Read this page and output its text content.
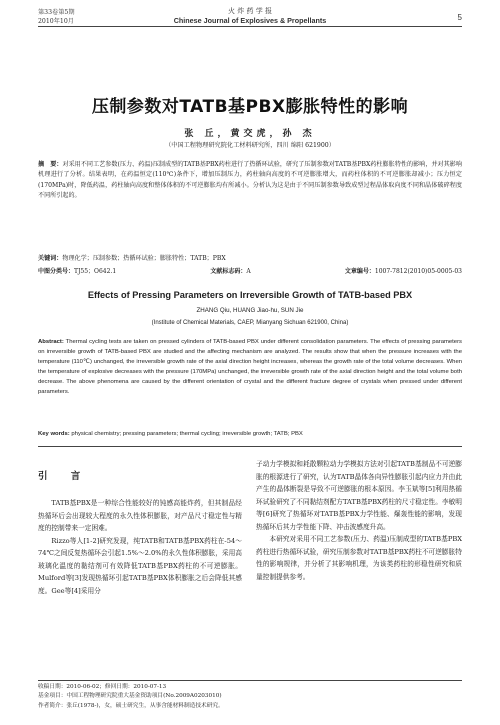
第33卷第5期
2010年10月
火 炸 药 学 报
Chinese Journal of Explosives & Propellants	5
压制参数对TATB基PBX膨胀特性的影响
张 丘，黄交虎，孙 杰
（中国工程物理研究院化工材料研究所，四川 绵阳 621900）
摘　要：对采用不同工艺参数(压力、药温)压制成型的TATB基PBX药柱进行了热循环试验，研究了压制参数对TATB基PBX药柱膨胀特性的影响，并对其影响机理进行了分析。结果表明，在药温恒定(110℃)条件下，增加压制压力，药柱轴向高度的不可逆膨胀增大，而药柱体积的不可逆膨胀却减小；压力恒定(170MPa)时，降低药温，药柱轴向高度和整体体积的不可逆膨胀均有所减小。分析认为这是由于不同压制参数导致成型过程晶体取向度不同和晶体破碎程度不同所引起的。
关键词：物理化学；压制参数；热循环试验；膨胀特性；TATB；PBX
中图分类号：TJ55；O642.1	文献标志码：A	文章编号：1007-7812(2010)05-0005-03
Effects of Pressing Parameters on Irreversible Growth of TATB-based PBX
ZHANG Qiu, HUANG Jiao-hu, SUN Jie
(Institute of Chemical Materials, CAEP, Mianyang Sichuan 621900, China)
Abstract: Thermal cycling tests are taken on pressed cylinders of TATB-based PBX under different consolidation parameters. The effects of pressing parameters on irreversible growth of TATB-based PBX are studied and the affecting mechanism are analyzed. The results show that when the pressure increases with the temperature (110℃) unchanged, the irreversible growth rate of the axial direction height increases, whereas the growth rate of the total volume decreases. When the temperature of explosive decreases with the pressure (170MPa) unchanged, the irreversible growth rate of the axial direction height and the total volume both decrease. The above phenomena are caused by the different orientation of crystal and the different fracture degree of crystals when pressed under different parameters.
Key words: physical chemistry; pressing parameters; thermal cycling; irreversible growth; TATB; PBX
引 言

TATB基PBX是一种综合性能较好的钝感高能炸药，但其制品经热循环后会出现较大程度的永久性体积膨胀，对产品尺寸稳定性与精度的控制带来一定困难。

Rizzo等人[1-2]研究发现，纯TATB和TATB基PBX药柱在-54～74℃之间反复热循环会引起1.5%～2.0%的永久性体积膨胀，采用高玻璃化温度的黏结剂可有效降低TATB基PBX药柱的不可逆膨胀。Mulford等[3]发现热循环引起TATB基PBX体积膨胀之后会降低其感度。Gee等[4]采用分

子动力学模拟和耗散颗粒动力学模拟方法对引起TATB基制品不可逆膨胀的根源进行了研究，认为TATB晶体各向异性膨胀引起内应力并由此产生的晶体断裂是导致不可逆膨胀的根本原因。李玉斌等[5]利用热循环试验研究了不同黏结剂配方TATB基PBX药柱的尺寸稳定性。李敏明等[6]研究了热循环对TATB基PBX力学性能、爆轰性能的影响，发现热循环后其力学性能下降、冲击波感度升高。

本研究对采用不同工艺参数(压力、药温)压制成型的TATB基PBX药柱进行热循环试验，研究压制参数对TATB基PBX药柱不可逆膨胀特性的影响规律，并分析了其影响机理，为该类药柱的形稳性研究和质量控制提供参考。

收稿日期：2010-06-02；修回日期：2010-07-13
基金项目：中国工程物理研究院重大基金资助项目(No.2009A0203010)
作者简介：张丘(1978-)，女，硕士研究生，从事含能材料制造技术研究。
